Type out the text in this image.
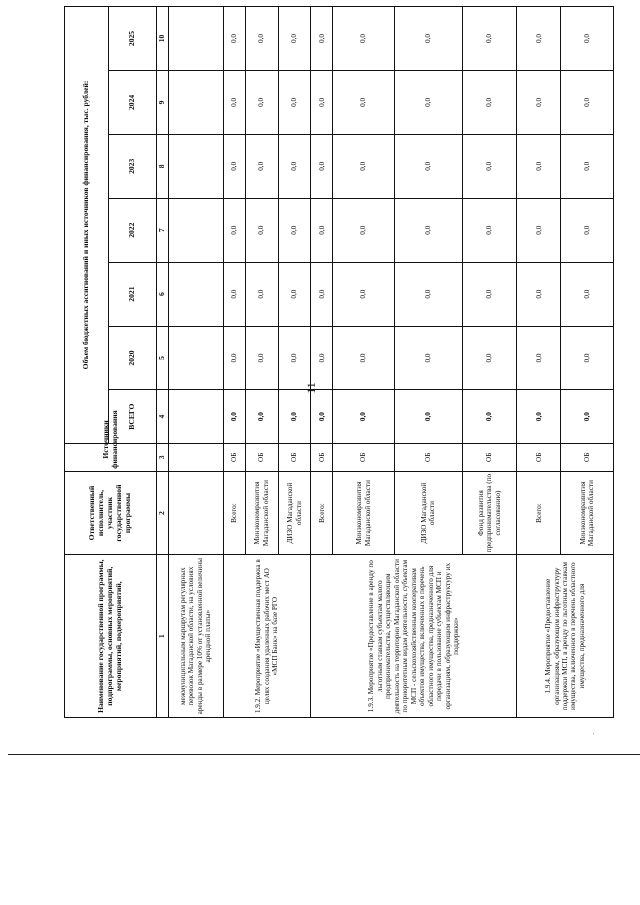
11
·
Наименование государственной программы, подпрограммы, основных мероприятий, мероприятий, подмероприятий,	Ответственный исполнитель, участник государственной программы	Источники финансирования	Объем бюджетных ассигнований и иных источников финансирования, тыс. рублей:						
			ВСЕГО	2020	2021	2022	2023	2024	2025
1	2	3	4	5	6	7	8	9	10
межмуниципальным маршрутам регулярных перевозок Магаданской области, на условиях аренды в размере 10% от установленной величины арендной платы»									
1.9.2. Мероприятие «Имущественная поддержка в целях создания удаленных рабочих мест АО «МСП Банк» на базе РГО	Всего:	ОБ	0,0	0,0	0,0	0,0	0,0	0,0	0,0
	Минэкономразвития Магаданской области	ОБ	0,0	0,0	0,0	0,0	0,0	0,0	0,0
	ДИЗО Магаданской области	ОБ	0,0	0,0	0,0	0,0	0,0	0,0	0,0
1.9.3. Мероприятие «Предоставление в аренду по льготным ставкам субъектам малого предпринимательства, осуществляющим деятельность на территории Магаданской области по приоритетным видам деятельности, субъектам МСП - сельскохозяйственным кооперативам объектов имущества, включенных в перечень областного имущества, предназначенного для передачи в пользование субъектам МСП и организациям, образующим инфраструктуру их поддержки»	Всего:	ОБ	0,0	0,0	0,0	0,0	0,0	0,0	0,0
	Минэкономразвития Магаданской области	ОБ	0,0	0,0	0,0	0,0	0,0	0,0	0,0
	ДИЗО Магаданской области	ОБ	0,0	0,0	0,0	0,0	0,0	0,0	0,0
	Фонд развития предпринимательства (по согласованию)	ОБ	0,0	0,0	0,0	0,0	0,0	0,0	0,0
1.9.4. Мероприятие «Предоставление организациям, образующим инфраструктуру поддержки МСП, в аренду по льготным ставкам имущества, включенного в перечень областного имущества, предназначенного для	Всего:	ОБ	0,0	0,0	0,0	0,0	0,0	0,0	0,0
	Минэкономразвития Магаданской области	ОБ	0,0	0,0	0,0	0,0	0,0	0,0	0,0
